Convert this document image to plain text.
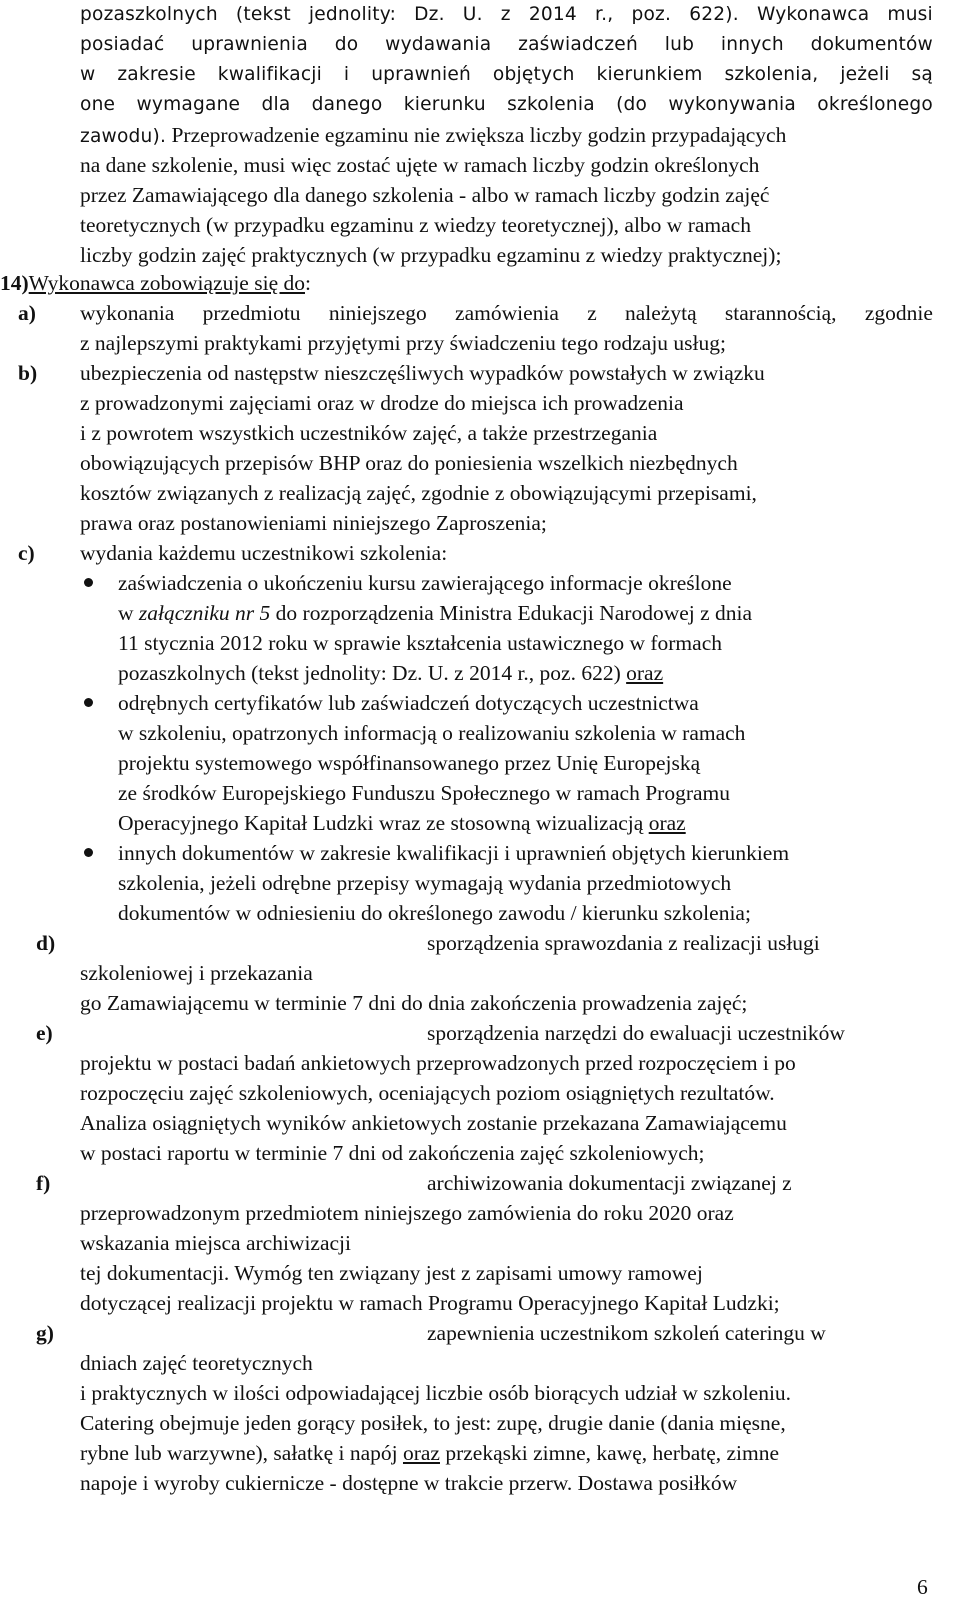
pozaszkolnych (tekst jednolity: Dz. U. z 2014 r., poz. 622). Wykonawca musi
posiadać uprawnienia do wydawania zaświadczeń lub innych dokumentów
w zakresie kwalifikacji i uprawnień objętych kierunkiem szkolenia, jeżeli są
one wymagane dla danego kierunku szkolenia (do wykonywania określonego
zawodu). Przeprowadzenie egzaminu nie zwiększa liczby godzin przypadających
na dane szkolenie, musi więc zostać ujęte w ramach liczby godzin określonych
przez Zamawiającego dla danego szkolenia - albo w ramach liczby godzin zajęć
teoretycznych (w przypadku egzaminu z wiedzy teoretycznej), albo w ramach
liczby godzin zajęć praktycznych (w przypadku egzaminu z wiedzy praktycznej);
14)Wykonawca zobowiązuje się do:
a) wykonania przedmiotu niniejszego zamówienia z należytą starannością, zgodnie
z najlepszymi praktykami przyjętymi przy świadczeniu tego rodzaju usług;
b) ubezpieczenia od następstw nieszczęśliwych wypadków powstałych w związku
z prowadzonymi zajęciami oraz w drodze do miejsca ich prowadzenia
i z powrotem wszystkich uczestników zajęć, a także przestrzegania
obowiązujących przepisów BHP oraz do poniesienia wszelkich niezbędnych
kosztów związanych z realizacją zajęć, zgodnie z obowiązującymi przepisami,
prawa oraz postanowieniami niniejszego Zaproszenia;
c) wydania każdemu uczestnikowi szkolenia:
zaświadczenia o ukończeniu kursu zawierającego informacje określone
w załączniku nr 5 do rozporządzenia Ministra Edukacji Narodowej z dnia
11 stycznia 2012 roku w sprawie kształcenia ustawicznego w formach
pozaszkolnych (tekst jednolity: Dz. U. z 2014 r., poz. 622) oraz
odrębnych certyfikatów lub zaświadczeń dotyczących uczestnictwa
w szkoleniu, opatrzonych informacją o realizowaniu szkolenia w ramach
projektu systemowego współfinansowanego przez Unię Europejską
ze środków Europejskiego Funduszu Społecznego w ramach Programu
Operacyjnego Kapitał Ludzki wraz ze stosowną wizualizacją oraz
innych dokumentów w zakresie kwalifikacji i uprawnień objętych kierunkiem
szkolenia, jeżeli odrębne przepisy wymagają wydania przedmiotowych
dokumentów w odniesieniu do określonego zawodu / kierunku szkolenia;
d)	sporządzenia sprawozdania z realizacji usługi
szkoleniowej i przekazania
go Zamawiającemu w terminie 7 dni do dnia zakończenia prowadzenia zajęć;
e)	sporządzenia narzędzi do ewaluacji uczestników
projektu w postaci badań ankietowych przeprowadzonych przed rozpoczęciem i po
rozpoczęciu zajęć szkoleniowych, oceniających poziom osiągniętych rezultatów.
Analiza osiągniętych wyników ankietowych zostanie przekazana Zamawiającemu
w postaci raportu w terminie 7 dni od zakończenia zajęć szkoleniowych;
f)	archiwizowania dokumentacji związanej z
przeprowadzonym przedmiotem niniejszego zamówienia do roku 2020 oraz
wskazania miejsca archiwizacji
tej dokumentacji. Wymóg ten związany jest z zapisami umowy ramowej
dotyczącej realizacji projektu w ramach Programu Operacyjnego Kapitał Ludzki;
g)	zapewnienia uczestnikom szkoleń cateringu w
dniach zajęć teoretycznych
i praktycznych w ilości odpowiadającej liczbie osób biorących udział w szkoleniu.
Catering obejmuje jeden gorący posiłek, to jest: zupę, drugie danie (dania mięsne,
rybne lub warzywne), sałatkę i napój oraz przekąski zimne, kawę, herbatę, zimne
napoje i wyroby cukiernicze - dostępne w trakcie przerw. Dostawa posiłków
6
